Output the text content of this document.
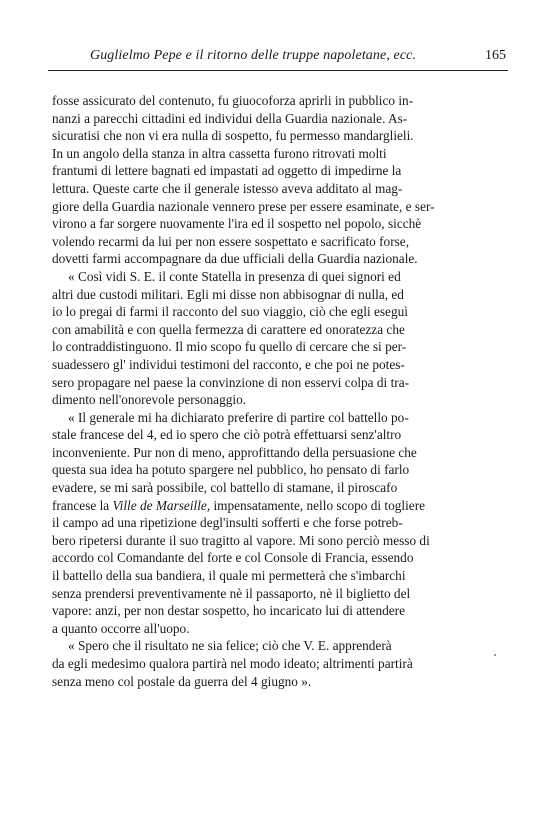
Guglielmo Pepe e il ritorno delle truppe napoletane, ecc.	165

fosse assicurato del contenuto, fu giuocoforza aprirli in pubblico in-
nanzi a parecchi cittadini ed individui della Guardia nazionale. As-
sicuratisi che non vi era nulla di sospetto, fu permesso mandarglieli.
In un angolo della stanza in altra cassetta furono ritrovati molti
frantumi di lettere bagnati ed impastati ad oggetto di impedirne la
lettura. Queste carte che il generale istesso aveva additato al mag-
giore della Guardia nazionale vennero prese per essere esaminate, e ser-
virono a far sorgere nuovamente l'ira ed il sospetto nel popolo, sicchè
volendo recarmi da lui per non essere sospettato e sacrificato forse,
dovetti farmi accompagnare da due ufficiali della Guardia nazionale.

« Così vidi S. E. il conte Statella in presenza di quei signori ed
altri due custodi militari. Egli mi disse non abbisognar di nulla, ed
io lo pregai di farmi il racconto del suo viaggio, ciò che egli eseguì
con amabilità e con quella fermezza di carattere ed onoratezza che
lo contraddistinguono. Il mio scopo fu quello di cercare che si per-
suadessero gl' individui testimoni del racconto, e che poi ne potes-
sero propagare nel paese la convinzione di non esservi colpa di tra-
dimento nell'onorevole personaggio.

« Il generale mi ha dichiarato preferire di partire col battello po-
stale francese del 4, ed io spero che ciò potrà effettuarsi senz'altro
inconveniente. Pur non di meno, approfittando della persuasione che
questa sua idea ha potuto spargere nel pubblico, ho pensato di farlo
evadere, se mi sarà possibile, col battello di stamane, il piroscafo
francese la Ville de Marseille, impensatamente, nello scopo di togliere
il campo ad una ripetizione degl'insulti sofferti e che forse potreb-
bero ripetersi durante il suo tragitto al vapore. Mi sono perciò messo di
accordo col Comandante del forte e col Console di Francia, essendo
il battello della sua bandiera, il quale mi permetterà che s'imbarchi
senza prendersi preventivamente nè il passaporto, nè il biglietto del
vapore: anzi, per non destar sospetto, ho incaricato lui di attendere
a quanto occorre all'uopo.

« Spero che il risultato ne sia felice; ciò che V. E. apprenderà
da egli medesimo qualora partirà nel modo ideato; altrimenti partirà
senza meno col postale da guerra del 4 giugno ».
